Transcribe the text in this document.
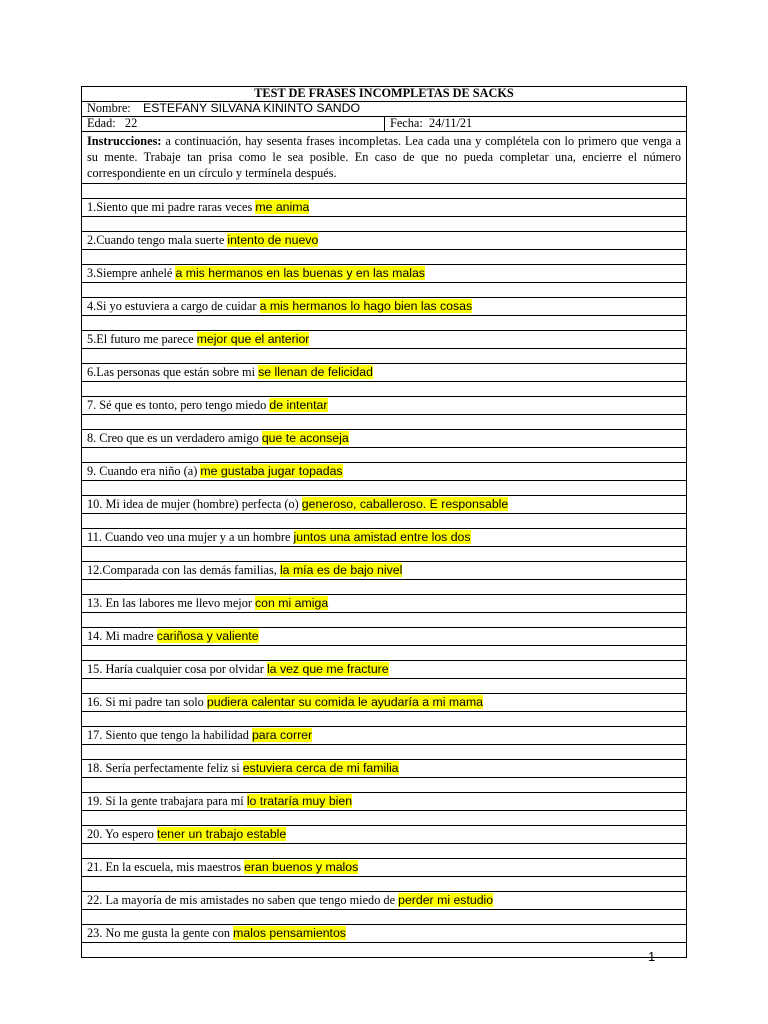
TEST DE FRASES INCOMPLETAS DE SACKS
Nombre: ESTEFANY SILVANA KININTO SANDO
Edad: 22	Fecha: 24/11/21
Instrucciones: a continuación, hay sesenta frases incompletas. Lea cada una y complétela con lo primero que venga a su mente. Trabaje tan prisa como le sea posible. En caso de que no pueda completar una, encierre el número correspondiente en un círculo y termínela después.

1.Siento que mi padre raras veces me anima

2.Cuando tengo mala suerte intento de nuevo

3.Siempre anhelé a mis hermanos en las buenas y en las malas

4.Si yo estuviera a cargo de cuidar a mis hermanos lo hago bien las cosas

5.El futuro me parece mejor que el anterior

6.Las personas que están sobre mi se llenan de felicidad

7. Sé que es tonto, pero tengo miedo de intentar

8. Creo que es un verdadero amigo que te aconseja

9. Cuando era niño (a) me gustaba jugar topadas

10. Mi idea de mujer (hombre) perfecta (o) generoso, caballeroso. E responsable

11. Cuando veo una mujer y a un hombre juntos una amistad entre los dos

12.Comparada con las demás familias, la mía es de bajo nivel

13. En las labores me llevo mejor con mi amiga

14. Mi madre cariñosa y valiente

15. Haría cualquier cosa por olvidar la vez que me fracture

16. Si mi padre tan solo pudiera calentar su comida le ayudaría a mi mama

17. Siento que tengo la habilidad para correr

18. Sería perfectamente feliz si estuviera cerca de mi familia

19. Si la gente trabajara para mí lo trataría muy bien

20. Yo espero tener un trabajo estable

21. En la escuela, mis maestros eran buenos y malos

22. La mayoría de mis amistades no saben que tengo miedo de perder mi estudio

23. No me gusta la gente con malos pensamientos

1
